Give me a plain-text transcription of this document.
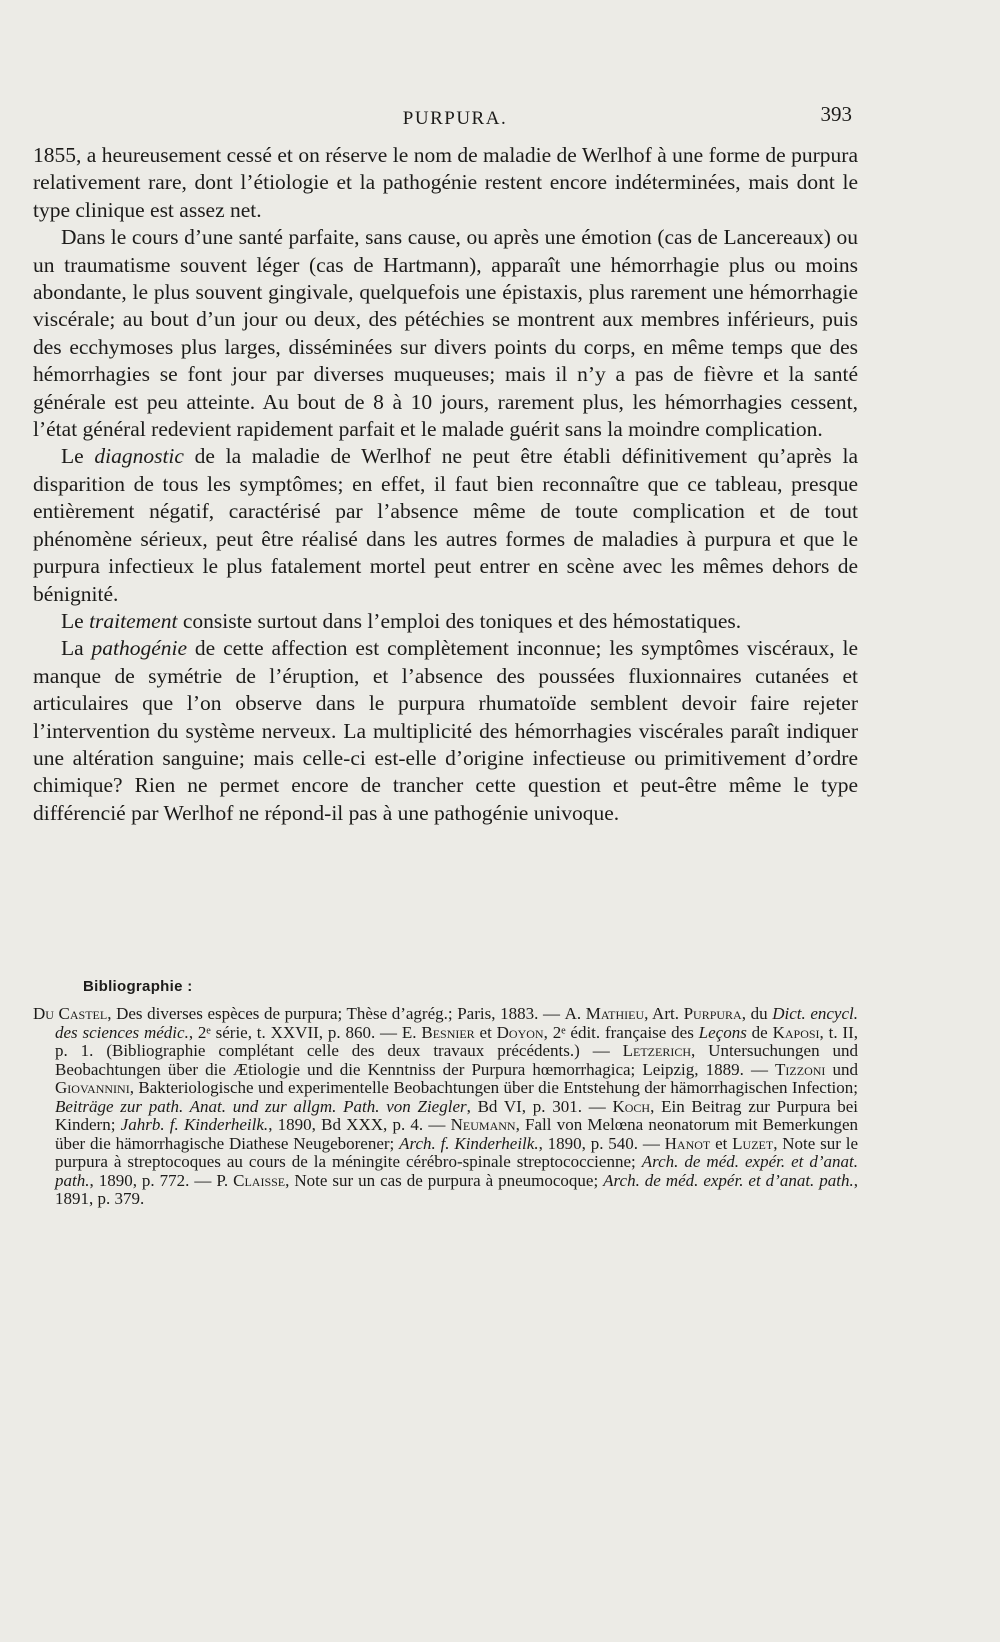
PURPURA.	393

1855, a heureusement cessé et on réserve le nom de maladie de Werlhof à une forme de purpura relativement rare, dont l’étiologie et la pathogénie restent encore indéterminées, mais dont le type clinique est assez net.

Dans le cours d’une santé parfaite, sans cause, ou après une émotion (cas de Lancereaux) ou un traumatisme souvent léger (cas de Hartmann), apparaît une hémorrhagie plus ou moins abondante, le plus souvent gingivale, quelquefois une épistaxis, plus rarement une hémorrhagie viscérale; au bout d’un jour ou deux, des pétéchies se montrent aux membres inférieurs, puis des ecchymoses plus larges, disséminées sur divers points du corps, en même temps que des hémorrhagies se font jour par diverses muqueuses; mais il n’y a pas de fièvre et la santé générale est peu atteinte. Au bout de 8 à 10 jours, rarement plus, les hémorrhagies cessent, l’état général redevient rapidement parfait et le malade guérit sans la moindre complication.

Le diagnostic de la maladie de Werlhof ne peut être établi définitivement qu’après la disparition de tous les symptômes; en effet, il faut bien reconnaître que ce tableau, presque entièrement négatif, caractérisé par l’absence même de toute complication et de tout phénomène sérieux, peut être réalisé dans les autres formes de maladies à purpura et que le purpura infectieux le plus fatalement mortel peut entrer en scène avec les mêmes dehors de bénignité.

Le traitement consiste surtout dans l’emploi des toniques et des hémostatiques.

La pathogénie de cette affection est complètement inconnue; les symptômes viscéraux, le manque de symétrie de l’éruption, et l’absence des poussées fluxionnaires cutanées et articulaires que l’on observe dans le purpura rhumatoïde semblent devoir faire rejeter l’intervention du système nerveux. La multiplicité des hémorrhagies viscérales paraît indiquer une altération sanguine; mais celle-ci est-elle d’origine infectieuse ou primitivement d’ordre chimique? Rien ne permet encore de trancher cette question et peut-être même le type différencié par Werlhof ne répond-il pas à une pathogénie univoque.

Bibliographie :

Du Castel, Des diverses espèces de purpura; Thèse d’agrég.; Paris, 1883. — A. Mathieu, Art. Purpura, du Dict. encycl. des sciences médic., 2ᵉ série, t. XXVII, p. 860. — E. Besnier et Doyon, 2ᵉ édit. française des Leçons de Kaposi, t. II, p. 1. (Bibliographie complétant celle des deux travaux précédents.) — Letzerich, Untersuchungen und Beobachtungen über die Ætiologie und die Kenntniss der Purpura hœmorrhagica; Leipzig, 1889. — Tizzoni und Giovannini, Bakteriologische und experimentelle Beobachtungen über die Entstehung der hämorrhagischen Infection; Beiträge zur path. Anat. und zur allgm. Path. von Ziegler, Bd VI, p. 301. — Koch, Ein Beitrag zur Purpura bei Kindern; Jahrb. f. Kinderheilk., 1890, Bd XXX, p. 4. — Neumann, Fall von Melœna neonatorum mit Bemerkungen über die hämorrhagische Diathese Neugeborener; Arch. f. Kinderheilk., 1890, p. 540. — Hanot et Luzet, Note sur le purpura à streptocoques au cours de la méningite cérébro-spinale streptococcienne; Arch. de méd. expér. et d’anat. path., 1890, p. 772. — P. Claisse, Note sur un cas de purpura à pneumocoque; Arch. de méd. expér. et d’anat. path., 1891, p. 379.
